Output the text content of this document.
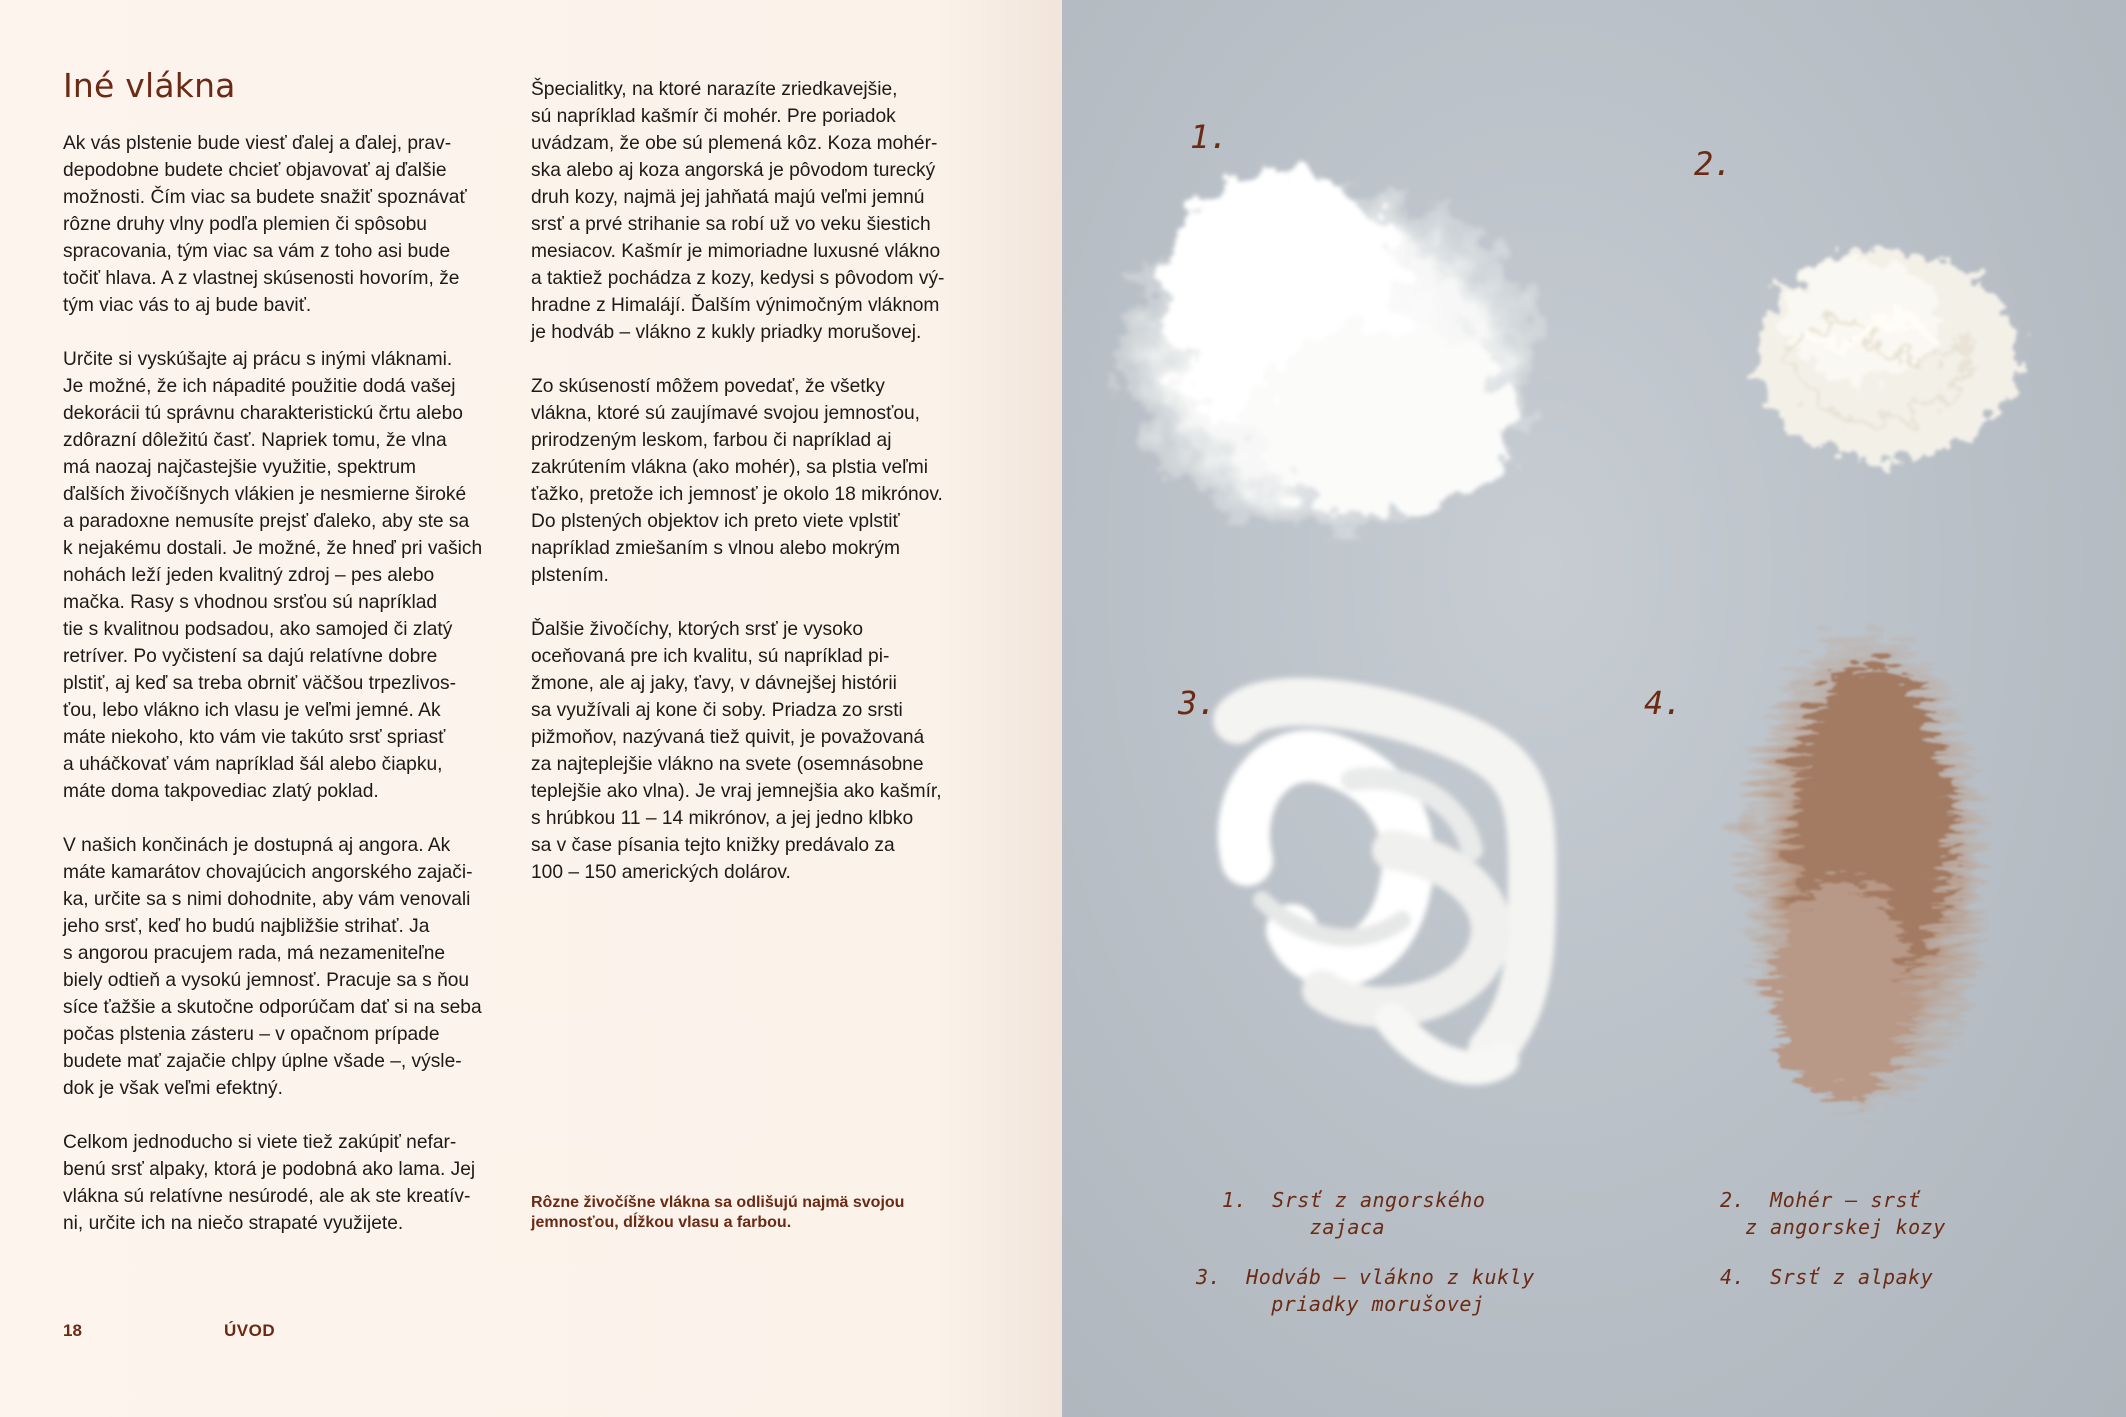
Iné vlákna

Ak vás plstenie bude viesť ďalej a ďalej, prav-
depodobne budete chcieť objavovať aj ďalšie
možnosti. Čím viac sa budete snažiť spoznávať
rôzne druhy vlny podľa plemien či spôsobu
spracovania, tým viac sa vám z toho asi bude
točiť hlava. A z vlastnej skúsenosti hovorím, že
tým viac vás to aj bude baviť.

Určite si vyskúšajte aj prácu s inými vláknami.
Je možné, že ich nápadité použitie dodá vašej
dekorácii tú správnu charakteristickú črtu alebo
zdôrazní dôležitú časť. Napriek tomu, že vlna
má naozaj najčastejšie využitie, spektrum
ďalších živočíšnych vlákien je nesmierne široké
a paradoxne nemusíte prejsť ďaleko, aby ste sa
k nejakému dostali. Je možné, že hneď pri vašich
nohách leží jeden kvalitný zdroj – pes alebo
mačka. Rasy s vhodnou srsťou sú napríklad
tie s kvalitnou podsadou, ako samojed či zlatý
retríver. Po vyčistení sa dajú relatívne dobre
plstiť, aj keď sa treba obrniť väčšou trpezlivos-
ťou, lebo vlákno ich vlasu je veľmi jemné. Ak
máte niekoho, kto vám vie takúto srsť spriasť
a uháčkovať vám napríklad šál alebo čiapku,
máte doma takpovediac zlatý poklad.

V našich končinách je dostupná aj angora. Ak
máte kamarátov chovajúcich angorského zajači-
ka, určite sa s nimi dohodnite, aby vám venovali
jeho srsť, keď ho budú najbližšie strihať. Ja
s angorou pracujem rada, má nezameniteľne
biely odtieň a vysokú jemnosť. Pracuje sa s ňou
síce ťažšie a skutočne odporúčam dať si na seba
počas plstenia zásteru – v opačnom prípade
budete mať zajačie chlpy úplne všade –, výsle-
dok je však veľmi efektný.

Celkom jednoducho si viete tiež zakúpiť nefar-
benú srsť alpaky, ktorá je podobná ako lama. Jej
vlákna sú relatívne nesúrodé, ale ak ste kreatív-
ni, určite ich na niečo strapaté využijete.

Špecialitky, na ktoré narazíte zriedkavejšie,
sú napríklad kašmír či mohér. Pre poriadok
uvádzam, že obe sú plemená kôz. Koza mohér-
ska alebo aj koza angorská je pôvodom turecký
druh kozy, najmä jej jahňatá majú veľmi jemnú
srsť a prvé strihanie sa robí už vo veku šiestich
mesiacov. Kašmír je mimoriadne luxusné vlákno
a taktiež pochádza z kozy, kedysi s pôvodom vý-
hradne z Himalájí. Ďalším výnimočným vláknom
je hodváb – vlákno z kukly priadky morušovej.

Zo skúseností môžem povedať, že všetky
vlákna, ktoré sú zaujímavé svojou jemnosťou,
prirodzeným leskom, farbou či napríklad aj
zakrútením vlákna (ako mohér), sa plstia veľmi
ťažko, pretože ich jemnosť je okolo 18 mikrónov.
Do plstených objektov ich preto viete vplstiť
napríklad zmiešaním s vlnou alebo mokrým
plstením.

Ďalšie živočíchy, ktorých srsť je vysoko
oceňovaná pre ich kvalitu, sú napríklad pi-
žmone, ale aj jaky, ťavy, v dávnejšej histórii
sa využívali aj kone či soby. Priadza zo srsti
pižmoňov, nazývaná tiež quivit, je považovaná
za najteplejšie vlákno na svete (osemnásobne
teplejšie ako vlna). Je vraj jemnejšia ako kašmír,
s hrúbkou 11 – 14 mikrónov, a jej jedno klbko
sa v čase písania tejto knižky predávalo za
100 – 150 amerických dolárov.

Rôzne živočíšne vlákna sa odlišujú najmä svojou
jemnosťou, dĺžkou vlasu a farbou.

18	ÚVOD
1.
2.
3.	4.
1.  Srsť z angorského
zajaca
2.  Mohér – srsť
z angorskej kozy
3.  Hodváb – vlákno z kukly
priadky morušovej
4.  Srsť z alpaky
